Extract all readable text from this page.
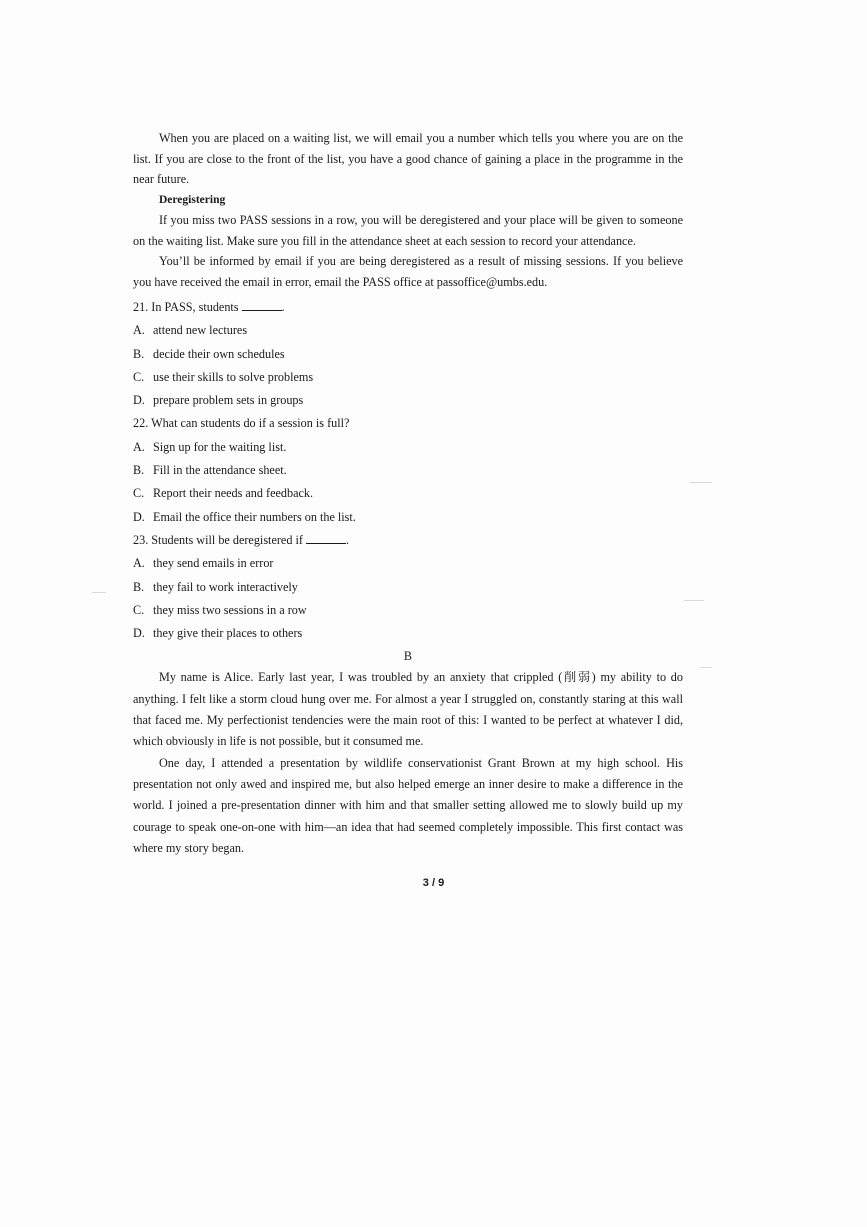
When you are placed on a waiting list, we will email you a number which tells you where you are on the list. If you are close to the front of the list, you have a good chance of gaining a place in the programme in the near future.

Deregistering

If you miss two PASS sessions in a row, you will be deregistered and your place will be given to someone on the waiting list. Make sure you fill in the attendance sheet at each session to record your attendance.

You’ll be informed by email if you are being deregistered as a result of missing sessions. If you believe you have received the email in error, email the PASS office at passoffice@umbs.edu.

21. In PASS, students	.

A. attend new lectures

B. decide their own schedules

C. use their skills to solve problems

D. prepare problem sets in groups

22. What can students do if a session is full?

A. Sign up for the waiting list.

B. Fill in the attendance sheet.

C. Report their needs and feedback.

D. Email the office their numbers on the list.

23. Students will be deregistered if	.

A. they send emails in error

B. they fail to work interactively

C. they miss two sessions in a row

D. they give their places to others

B

My name is Alice. Early last year, I was troubled by an anxiety that crippled (削弱) my ability to do anything. I felt like a storm cloud hung over me. For almost a year I struggled on, constantly staring at this wall that faced me. My perfectionist tendencies were the main root of this: I wanted to be perfect at whatever I did, which obviously in life is not possible, but it consumed me.

One day, I attended a presentation by wildlife conservationist Grant Brown at my high school. His presentation not only awed and inspired me, but also helped emerge an inner desire to make a difference in the world. I joined a pre-presentation dinner with him and that smaller setting allowed me to slowly build up my courage to speak one-on-one with him—an idea that had seemed completely impossible. This first contact was where my story began.

3 / 9
